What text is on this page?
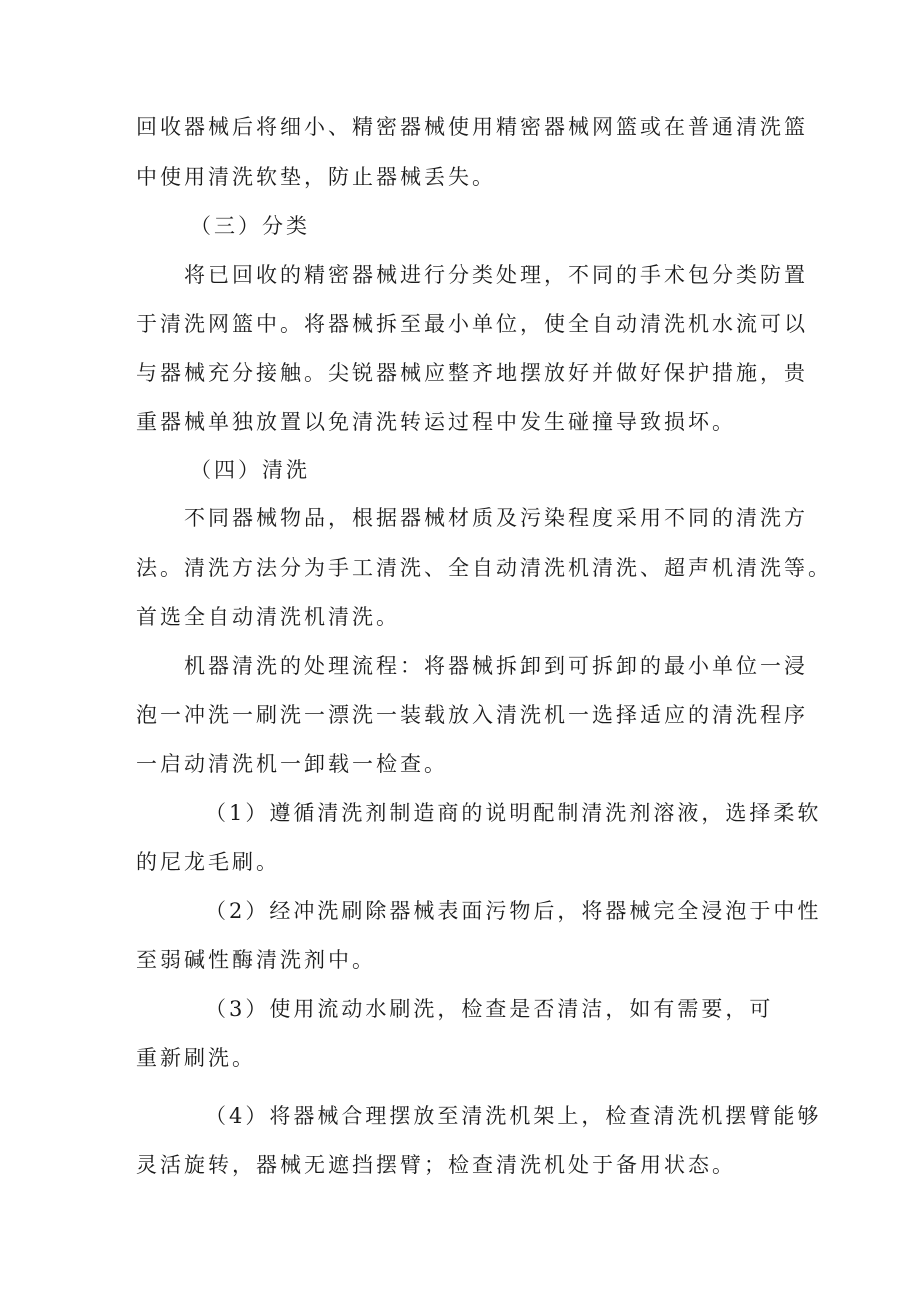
回收器械后将细小、精密器械使用精密器械网篮或在普通清洗篮
中使用清洗软垫，防止器械丢失。
（三）分类
将已回收的精密器械进行分类处理，不同的手术包分类防置
于清洗网篮中。将器械拆至最小单位，使全自动清洗机水流可以
与器械充分接触。尖锐器械应整齐地摆放好并做好保护措施，贵
重器械单独放置以免清洗转运过程中发生碰撞导致损坏。
（四）清洗
不同器械物品，根据器械材质及污染程度采用不同的清洗方
法。清洗方法分为手工清洗、全自动清洗机清洗、超声机清洗等。
首选全自动清洗机清洗。
机器清洗的处理流程：将器械拆卸到可拆卸的最小单位一浸
泡一冲洗一刷洗一漂洗一装载放入清洗机一选择适应的清洗程序
一启动清洗机一卸载一检查。
（1）遵循清洗剂制造商的说明配制清洗剂溶液，选择柔软
的尼龙毛刷。
（2）经冲洗刷除器械表面污物后，将器械完全浸泡于中性
至弱碱性酶清洗剂中。
（3）使用流动水刷洗，检查是否清洁，如有需要，可
重新刷洗。
（4）将器械合理摆放至清洗机架上，检查清洗机摆臂能够
灵活旋转，器械无遮挡摆臂；检查清洗机处于备用状态。
